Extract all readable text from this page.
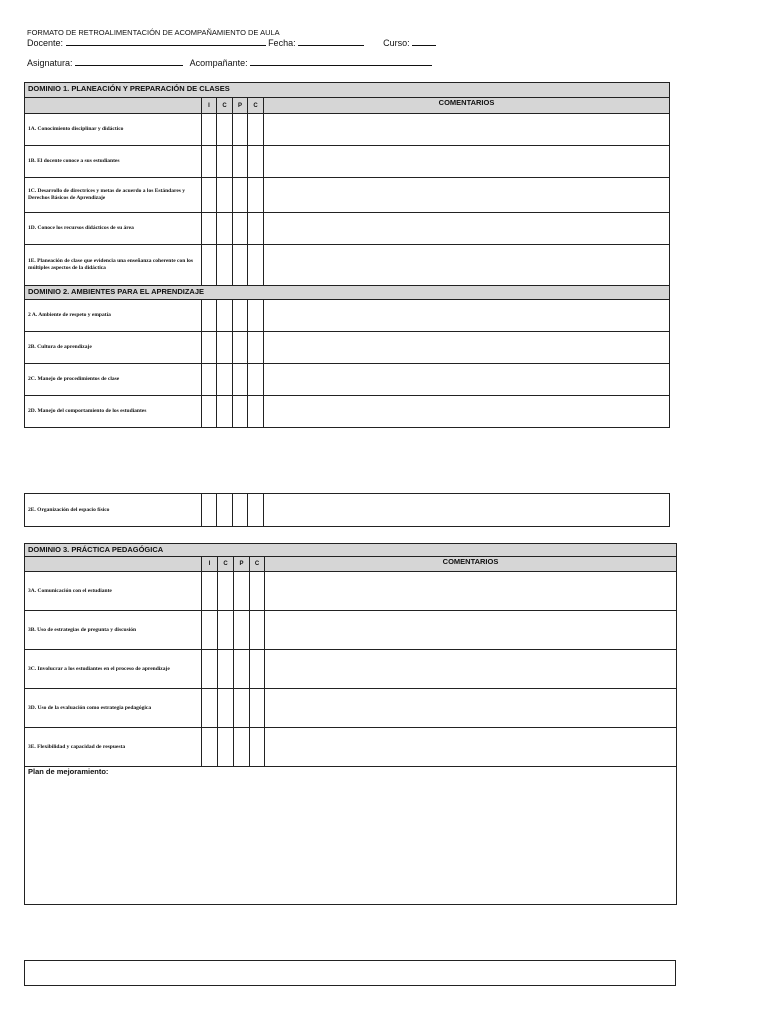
FORMATO DE RETROALIMENTACIÓN DE ACOMPAÑAMIENTO DE AULA
Docente:	Fecha:	Curso:
Asignatura:	Acompañante:
DOMINIO 1. PLANEACIÓN Y PREPARACIÓN DE CLASES					
	I	C	P	C	COMENTARIOS
1A. Conocimiento disciplinar y didáctico					
1B. El docente conoce a sus estudiantes					
1C. Desarrollo de directrices y metas de acuerdo a los Estándares y Derechos Básicos de Aprendizaje					
1D. Conoce los recursos didácticos de su área					
1E. Planeación de clase que evidencia una enseñanza coherente con los múltiples aspectos de la didáctica					
DOMINIO 2. AMBIENTES PARA EL APRENDIZAJE					
2 A. Ambiente de respeto y empatía					
2B. Cultura de aprendizaje					
2C. Manejo de procedimientos de clase					
2D. Manejo del comportamiento de los estudiantes					
2E. Organización del espacio físico					
DOMINIO 3. PRÁCTICA PEDAGÓGICA					
	I	C	P	C	COMENTARIOS
3A. Comunicación con el estudiante					
3B. Uso de estrategias de pregunta y discusión					
3C. Involucrar a los estudiantes en el proceso de aprendizaje					
3D. Uso de la evaluación como estrategia pedagógica					
3E. Flexibilidad y capacidad de respuesta					
Plan de mejoramiento:					
